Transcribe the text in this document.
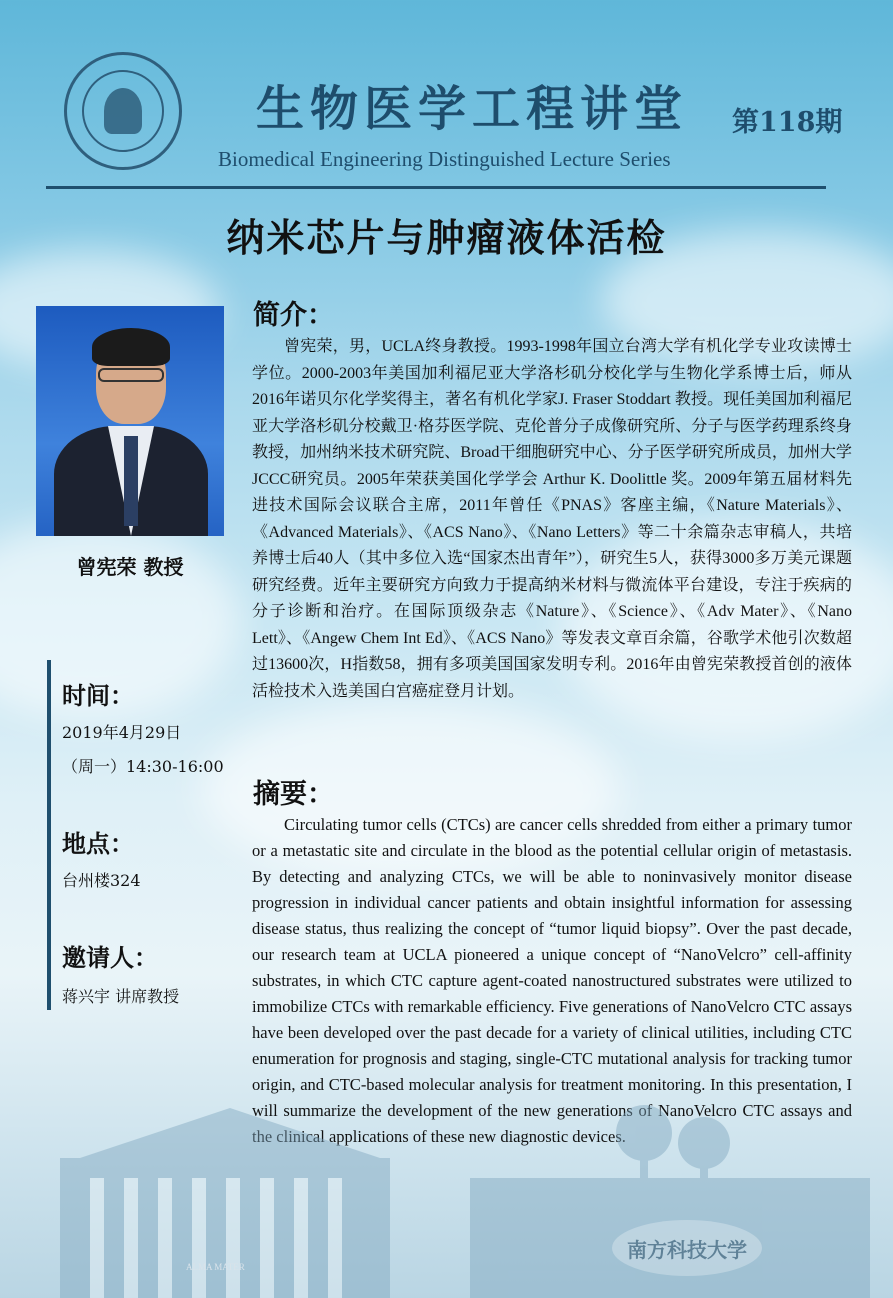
生物医学工程讲堂 第118期
Biomedical Engineering Distinguished Lecture Series
纳米芯片与肿瘤液体活检
曾宪荣 教授
时间：
2019年4月29日
（周一）14:30-16:00
地点：
台州楼324
邀请人：
蒋兴宇 讲席教授
简介：

曾宪荣，男，UCLA终身教授。1993-1998年国立台湾大学有机化学专业攻读博士学位。2000-2003年美国加利福尼亚大学洛杉矶分校化学与生物化学系博士后，师从2016年诺贝尔化学奖得主，著名有机化学家J. Fraser Stoddart 教授。现任美国加利福尼亚大学洛杉矶分校戴卫·格芬医学院、克伦普分子成像研究所、分子与医学药理系终身教授，加州纳米技术研究院、Broad干细胞研究中心、分子医学研究所成员，加州大学JCCC研究员。2005年荣获美国化学学会 Arthur K. Doolittle 奖。2009年第五届材料先进技术国际会议联合主席，2011年曾任《PNAS》客座主编，《Nature Materials》、《Advanced Materials》、《ACS Nano》、《Nano Letters》等二十余篇杂志审稿人，共培养博士后40人（其中多位入选“国家杰出青年”），研究生5人，获得3000多万美元课题研究经费。近年主要研究方向致力于提高纳米材料与微流体平台建设，专注于疾病的分子诊断和治疗。在国际顶级杂志《Nature》、《Science》、《Adv Mater》、《Nano Lett》、《Angew Chem Int Ed》、《ACS Nano》等发表文章百余篇，谷歌学术他引次数超过13600次，H指数58，拥有多项美国国家发明专利。2016年由曾宪荣教授首创的液体活检技术入选美国白宫癌症登月计划。

摘要：

Circulating tumor cells (CTCs) are cancer cells shredded from either a primary tumor or a metastatic site and circulate in the blood as the potential cellular origin of metastasis. By detecting and analyzing CTCs, we will be able to noninvasively monitor disease progression in individual cancer patients and obtain insightful information for assessing disease status, thus realizing the concept of “tumor liquid biopsy”. Over the past decade, our research team at UCLA pioneered a unique concept of “NanoVelcro” cell-affinity substrates, in which CTC capture agent-coated nanostructured substrates were utilized to immobilize CTCs with remarkable efficiency. Five generations of NanoVelcro CTC assays have been developed over the past decade for a variety of clinical utilities, including CTC enumeration for prognosis and staging, single-CTC mutational analysis for tracking tumor origin, and CTC-based molecular analysis for treatment monitoring. In this presentation, I will summarize the development of the new generations of NanoVelcro CTC assays and the clinical applications of these new diagnostic devices.

ALMA MATER
南方科技大学
